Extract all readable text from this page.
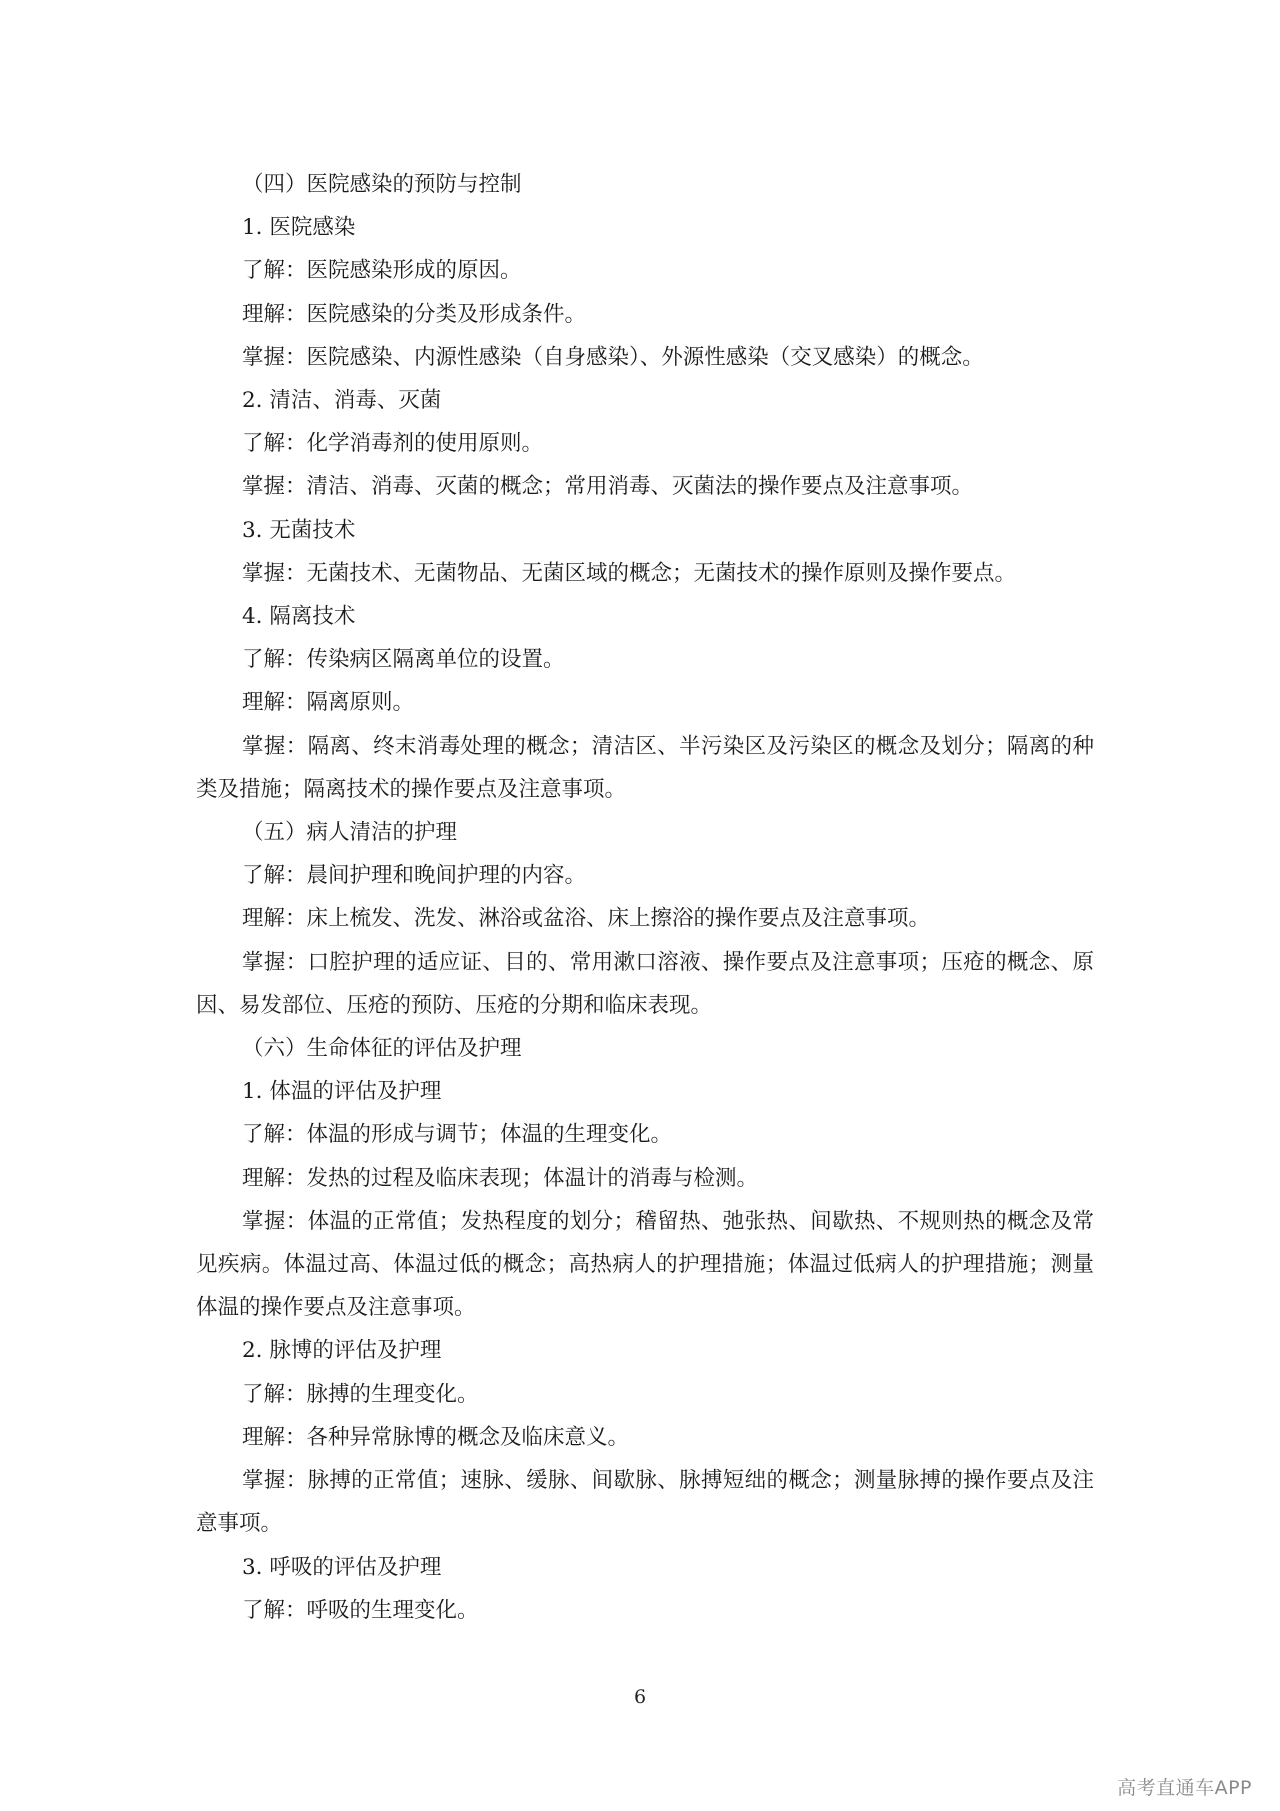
（四）医院感染的预防与控制

1. 医院感染

了解：医院感染形成的原因。

理解：医院感染的分类及形成条件。

掌握：医院感染、内源性感染（自身感染）、外源性感染（交叉感染）的概念。

2. 清洁、消毒、灭菌

了解：化学消毒剂的使用原则。

掌握：清洁、消毒、灭菌的概念；常用消毒、灭菌法的操作要点及注意事项。

3. 无菌技术

掌握：无菌技术、无菌物品、无菌区域的概念；无菌技术的操作原则及操作要点。

4. 隔离技术

了解：传染病区隔离单位的设置。

理解：隔离原则。

掌握：隔离、终末消毒处理的概念；清洁区、半污染区及污染区的概念及划分；隔离的种类及措施；隔离技术的操作要点及注意事项。

（五）病人清洁的护理

了解：晨间护理和晚间护理的内容。

理解：床上梳发、洗发、淋浴或盆浴、床上擦浴的操作要点及注意事项。

掌握：口腔护理的适应证、目的、常用漱口溶液、操作要点及注意事项；压疮的概念、原因、易发部位、压疮的预防、压疮的分期和临床表现。

（六）生命体征的评估及护理

1. 体温的评估及护理

了解：体温的形成与调节；体温的生理变化。

理解：发热的过程及临床表现；体温计的消毒与检测。

掌握：体温的正常值；发热程度的划分；稽留热、弛张热、间歇热、不规则热的概念及常见疾病。体温过高、体温过低的概念；高热病人的护理措施；体温过低病人的护理措施；测量体温的操作要点及注意事项。

2. 脉博的评估及护理

了解：脉搏的生理变化。

理解：各种异常脉博的概念及临床意义。

掌握：脉搏的正常值；速脉、缓脉、间歇脉、脉搏短绌的概念；测量脉搏的操作要点及注意事项。

3. 呼吸的评估及护理

了解：呼吸的生理变化。

6
高考直通车APP
